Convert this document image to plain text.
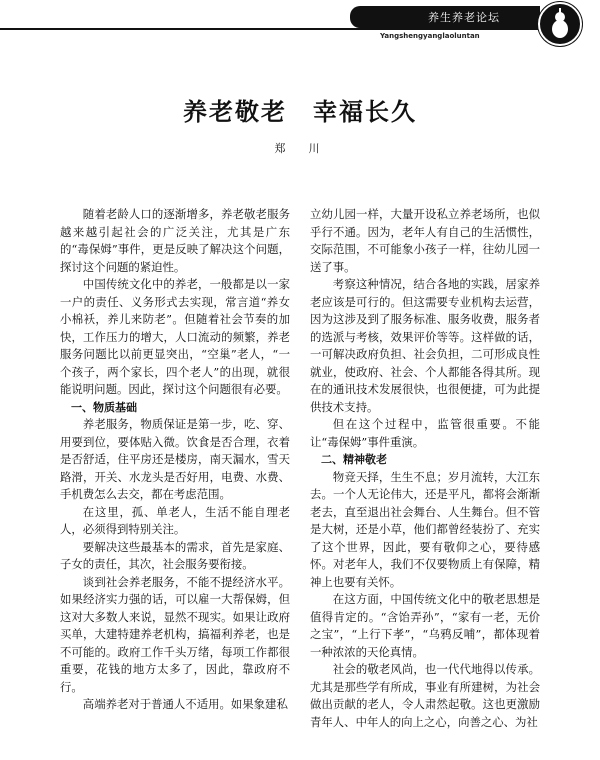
养生养老论坛
Yangshengyanglaoluntan
养老敬老　幸福长久
郑　川

随着老龄人口的逐渐增多，养老敬老服务越来越引起社会的广泛关注，尤其是广东的“毒保姆”事件，更是反映了解决这个问题，探讨这个问题的紧迫性。

中国传统文化中的养老，一般都是以一家一户的责任、义务形式去实现，常言道“养女小棉袄，养儿来防老”。但随着社会节奏的加快，工作压力的增大，人口流动的频繁，养老服务问题比以前更显突出，“空巢”老人，“一个孩子，两个家长，四个老人”的出现，就很能说明问题。因此，探讨这个问题很有必要。

一、物质基础

养老服务，物质保证是第一步，吃、穿、用要到位，要体贴入微。饮食是否合理，衣着是否舒适，住平房还是楼房，南天漏水，雪天路滑，开关、水龙头是否好用，电费、水费、手机费怎么去交，都在考虑范围。

在这里，孤、单老人，生活不能自理老人，必须得到特别关注。

要解决这些最基本的需求，首先是家庭、子女的责任，其次，社会服务要衔接。

谈到社会养老服务，不能不提经济水平。如果经济实力强的话，可以雇一大帮保姆，但这对大多数人来说，显然不现实。如果让政府买单，大建特建养老机构，搞福利养老，也是不可能的。政府工作千头万绪，每项工作都很重要，花钱的地方太多了，因此，靠政府不行。

高端养老对于普通人不适用。如果象建私

立幼儿园一样，大量开设私立养老场所，也似乎行不通。因为，老年人有自己的生活惯性，交际范围，不可能象小孩子一样，往幼儿园一送了事。

考察这种情况，结合各地的实践，居家养老应该是可行的。但这需要专业机构去运营，因为这涉及到了服务标准、服务收费，服务者的选派与考核，效果评价等等。这样做的话，一可解决政府负担、社会负担，二可形成良性就业，使政府、社会、个人都能各得其所。现在的通讯技术发展很快，也很便捷，可为此提供技术支持。

但在这个过程中，监管很重要。不能让“毒保姆”事件重演。

二、精神敬老

物竞天择，生生不息；岁月流转，大江东去。一个人无论伟大，还是平凡，都将会渐渐老去，直至退出社会舞台、人生舞台。但不管是大树，还是小草，他们都曾经装扮了、充实了这个世界，因此，要有敬仰之心，要待感怀。对老年人，我们不仅要物质上有保障，精神上也要有关怀。

在这方面，中国传统文化中的敬老思想是值得肯定的。“含饴弄孙”，“家有一老，无价之宝”，“上行下孝”，“乌鸦反哺”，都体现着一种浓浓的天伦真情。

社会的敬老风尚，也一代代地得以传承。尤其是那些学有所成，事业有所建树，为社会做出贡献的老人，令人肃然起敬。这也更激励青年人、中年人的向上之心，向善之心、为社
